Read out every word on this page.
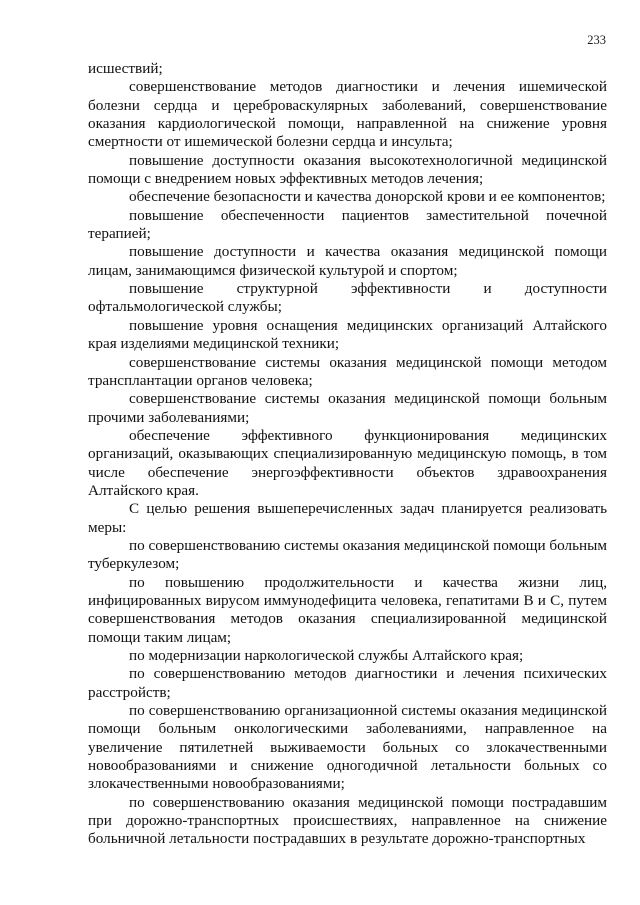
233

исшествий;

совершенствование методов диагностики и лечения ишемической болезни сердца и цереброваскулярных заболеваний, совершенствование оказания кардиологической помощи, направленной на снижение уровня смертности от ишемической болезни сердца и инсульта;

повышение доступности оказания высокотехнологичной медицинской помощи с внедрением новых эффективных методов лечения;

обеспечение безопасности и качества донорской крови и ее компонентов;

повышение обеспеченности пациентов заместительной почечной терапией;

повышение доступности и качества оказания медицинской помощи лицам, занимающимся физической культурой и спортом;

повышение структурной эффективности и доступности офтальмологической службы;

повышение уровня оснащения медицинских организаций Алтайского края изделиями медицинской техники;

совершенствование системы оказания медицинской помощи методом трансплантации органов человека;

совершенствование системы оказания медицинской помощи больным прочими заболеваниями;

обеспечение эффективного функционирования медицинских организаций, оказывающих специализированную медицинскую помощь, в том числе обеспечение энергоэффективности объектов здравоохранения Алтайского края.

С целью решения вышеперечисленных задач планируется реализовать меры:

по совершенствованию системы оказания медицинской помощи больным туберкулезом;

по повышению продолжительности и качества жизни лиц, инфицированных вирусом иммунодефицита человека, гепатитами B и C, путем совершенствования методов оказания специализированной медицинской помощи таким лицам;

по модернизации наркологической службы Алтайского края;

по совершенствованию методов диагностики и лечения психических расстройств;

по совершенствованию организационной системы оказания медицинской помощи больным онкологическими заболеваниями, направленное на увеличение пятилетней выживаемости больных со злокачественными новообразованиями и снижение одногодичной летальности больных со злокачественными новообразованиями;

по совершенствованию оказания медицинской помощи пострадавшим при дорожно-транспортных происшествиях, направленное на снижение больничной летальности пострадавших в результате дорожно-транспортных
